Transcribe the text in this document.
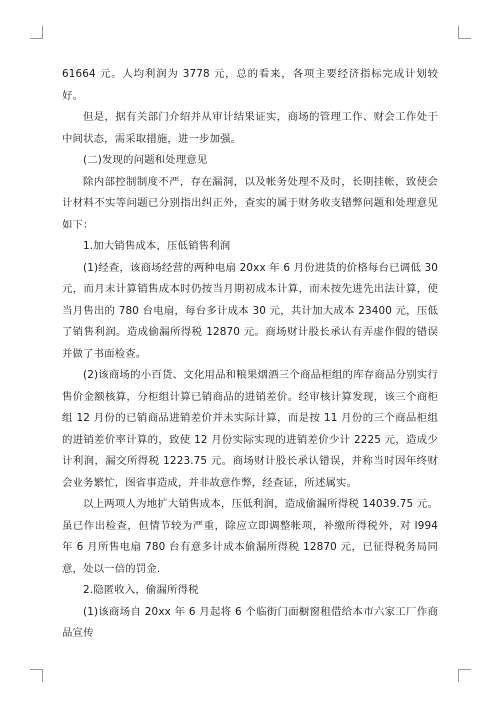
61664 元。人均利润为 3778 元，总的看来，各项主要经济指标完成计划较好。

但是，据有关部门介绍并从审计结果证实，商场的管理工作、财会工作处于中间状态，需采取措施，进一步加强。

(二)发现的问题和处理意见

除内部控制制度不严，存在漏洞，以及帐务处理不及时，长期挂帐，致使会计材料不实等问题已分别指出纠正外，查实的属于财务收支错弊问题和处理意见如下：

1.加大销售成本，压低销售利润

(1)经查，该商场经营的两种电扇 20xx 年 6 月份进货的价格每台已调低 30 元，而月末计算销售成本时仍按当月期初成本计算，而未按先进先出法计算，使当月售出的 780 台电扇，每台多计成本 30 元，共计加大成本 23400 元，压低了销售利润。造成偷漏所得税 12870 元。商场财计股长承认有弄虚作假的错误并做了书面检查。

(2)该商场的小百货、文化用品和粮果烟酒三个商品柜组的库存商品分别实行售价金额核算，分柜组计算已销商品的进销差价。经审核计算发现，该三个商柜组 12 月份的已销商品进销差价并未实际计算，而是按 11 月份的三个商品柜组的进销差价率计算的，致使 12 月份实际实现的进销差价少计 2225 元，造成少计利润，漏交所得税 1223.75 元。商场财计股长承认错误，并称当时因年终财会业务繁忙，图省事造成，并非故意作弊，经查证，所述属实。

以上两项人为地扩大销售成本，压低利润，造成偷漏所得税 14039.75 元。虽已作出检查，但情节较为严重，除应立即调整帐项，补缴所得税外，对 l994 年 6 月所售电扇 780 台有意多计成本偷漏所得税 12870 元，已征得税务局同意，处以一倍的罚金.

2.隐匿收入，偷漏所得税

(1)该商场自 20xx 年 6 月起将 6 个临街门面橱窗租借给本市六家工厂作商品宣传
